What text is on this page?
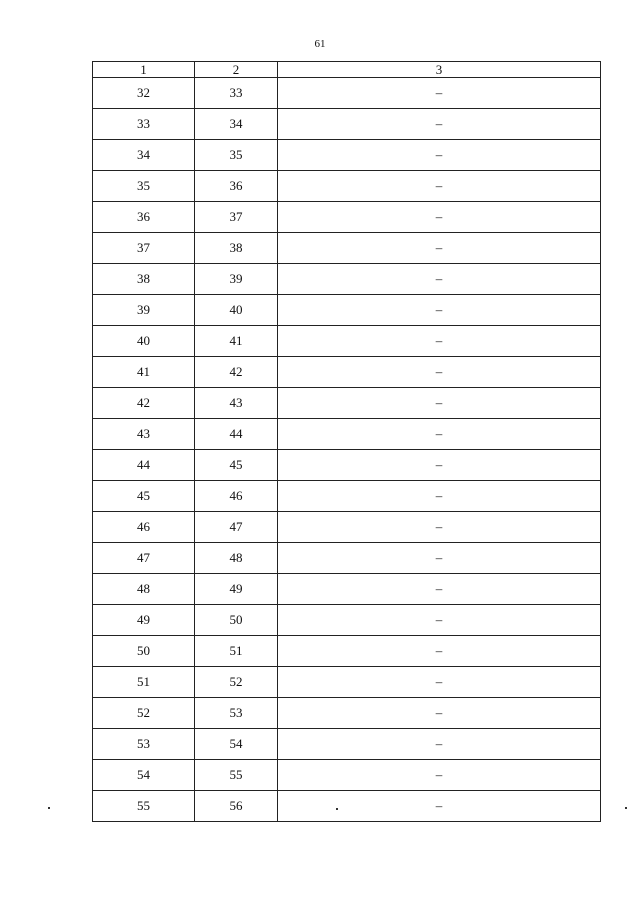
61
1	2	3
32	33	–
33	34	–
34	35	–
35	36	–
36	37	–
37	38	–
38	39	–
39	40	–
40	41	–
41	42	–
42	43	–
43	44	–
44	45	–
45	46	–
46	47	–
47	48	–
48	49	–
49	50	–
50	51	–
51	52	–
52	53	–
53	54	–
54	55	–
55	56	–
